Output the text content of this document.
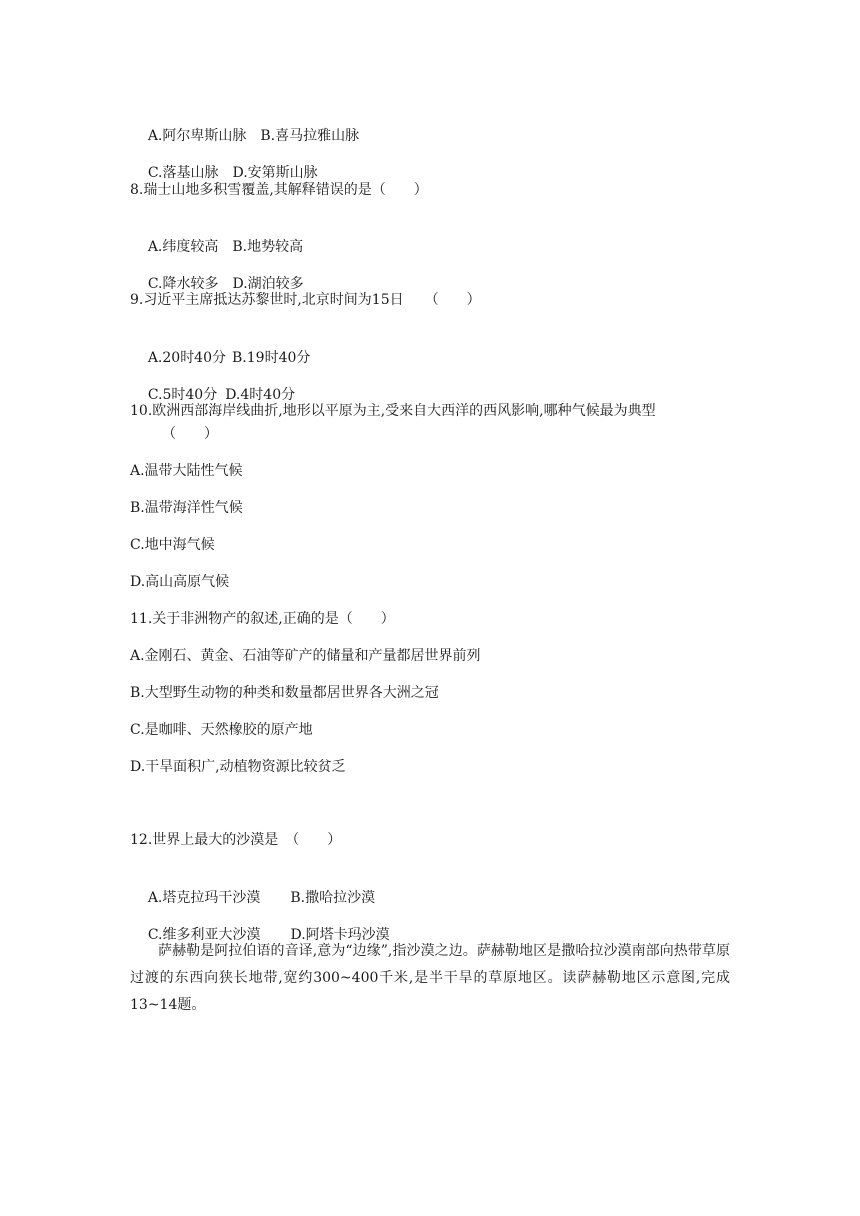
A.阿尔卑斯山脉 B.喜马拉雅山脉

C.落基山脉 D.安第斯山脉

8.瑞士山地多积雪覆盖,其解释错误的是（　　）

A.纬度较高 B.地势较高

C.降水较多 D.湖泊较多

9.习近平主席抵达苏黎世时,北京时间为15日　　（　　）

A.20时40分 B.19时40分

C.5时40分 D.4时40分

10.欧洲西部海岸线曲折,地形以平原为主,受来自大西洋的西风影响,哪种气候最为典型
（　　）
A.温带大陆性气候
B.温带海洋性气候
C.地中海气候
D.高山高原气候
11.关于非洲物产的叙述,正确的是（　　）
A.金刚石、黄金、石油等矿产的储量和产量都居世界前列
B.大型野生动物的种类和数量都居世界各大洲之冠
C.是咖啡、天然橡胶的原产地
D.干旱面积广,动植物资源比较贫乏
12.世界上最大的沙漠是　（　　）

A.塔克拉玛干沙漠 B.撒哈拉沙漠

C.维多利亚大沙漠 D.阿塔卡玛沙漠

萨赫勒是阿拉伯语的音译,意为“边缘”,指沙漠之边。萨赫勒地区是撒哈拉沙漠南部向热带草原过渡的东西向狭长地带,宽约300~400千米,是半干旱的草原地区。读萨赫勒地区示意图,完成13~14题。
